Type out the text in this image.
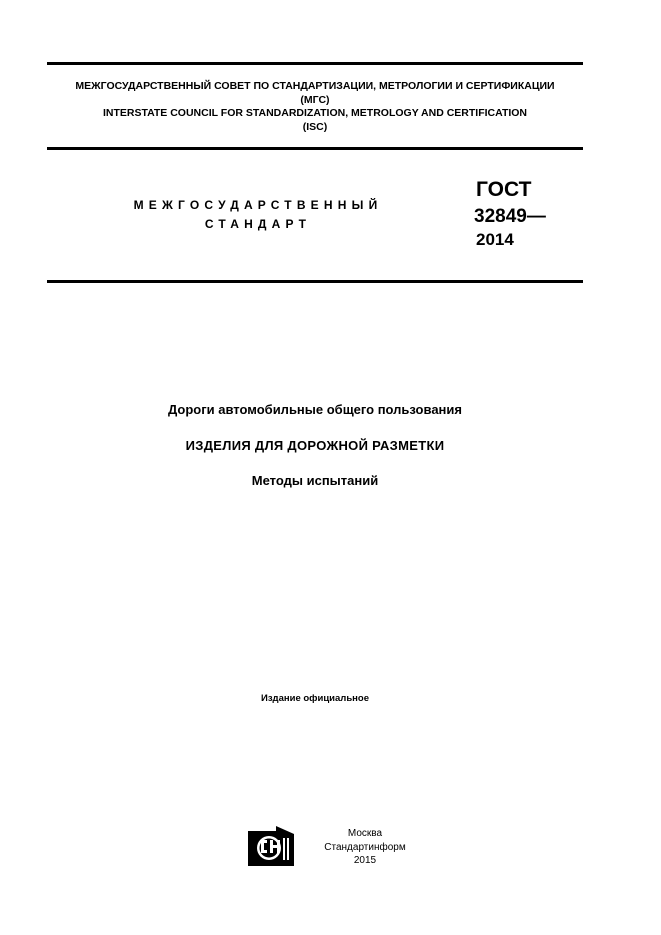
МЕЖГОСУДАРСТВЕННЫЙ СОВЕТ ПО СТАНДАРТИЗАЦИИ, МЕТРОЛОГИИ И СЕРТИФИКАЦИИ
(МГС)
INTERSTATE COUNCIL FOR STANDARDIZATION, METROLOGY AND CERTIFICATION
(ISC)
МЕЖГОСУДАРСТВЕННЫЙ
СТАНДАРТ
ГОСТ
32849—
2014
Дороги автомобильные общего пользования
ИЗДЕЛИЯ ДЛЯ ДОРОЖНОЙ РАЗМЕТКИ
Методы испытаний
Издание официальное
Москва
Стандартинформ
2015
